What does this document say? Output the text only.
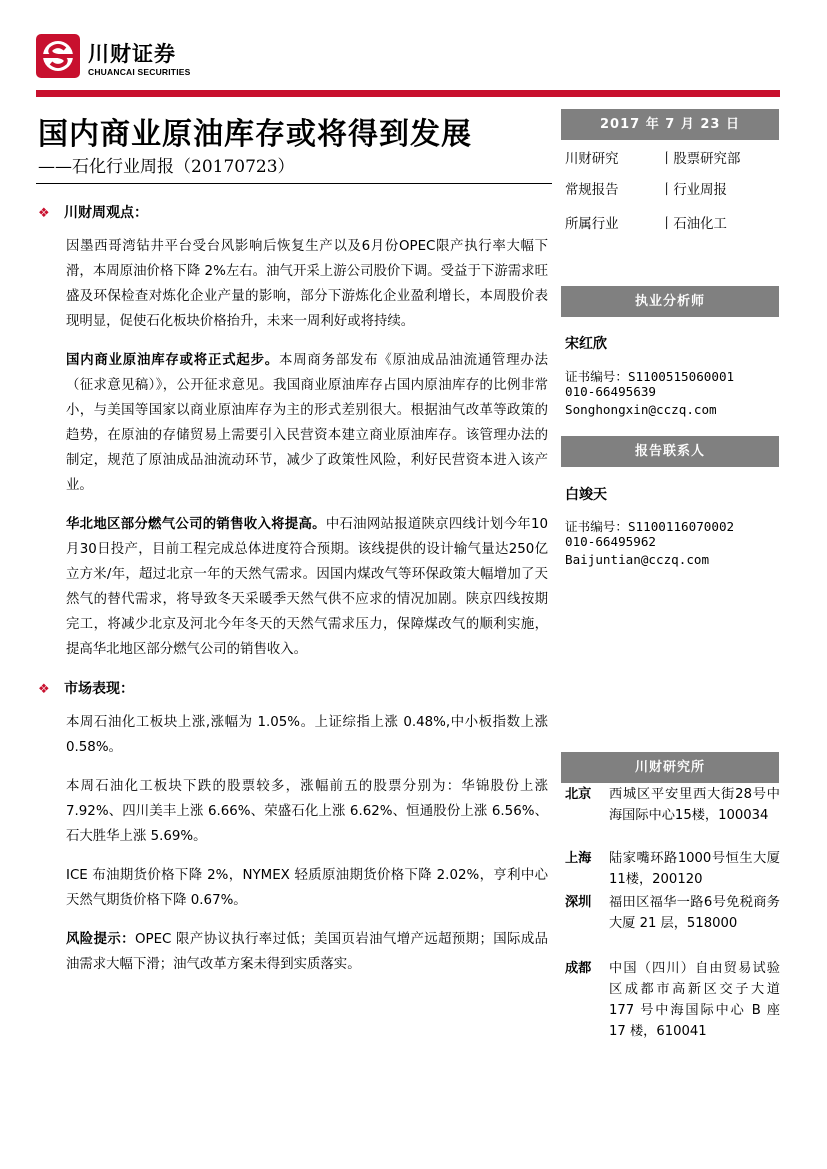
川财证券
CHUANCAI SECURITIES
国内商业原油库存或将得到发展
——石化行业周报（20170723）
2017 年 7 月 23 日
川财研究	丨股票研究部
常规报告	丨行业周报
所属行业	丨石油化工
执业分析师
宋红欣
证书编号：S1100515060001
010-66495639
Songhongxin@cczq.com
报告联系人
白竣天
证书编号：S1100116070002
010-66495962
Baijuntian@cczq.com
川财研究所
北京	西城区平安里西大街28号中海国际中心15楼，100034
上海	陆家嘴环路1000号恒生大厦11楼，200120
深圳	福田区福华一路6号免税商务大厦 21 层，518000
成都	中国（四川）自由贸易试验区成都市高新区交子大道 177 号中海国际中心 B 座 17 楼，610041
❖ 川财周观点：

因墨西哥湾钻井平台受台风影响后恢复生产以及6月份OPEC限产执行率大幅下滑，本周原油价格下降 2%左右。油气开采上游公司股价下调。受益于下游需求旺盛及环保检查对炼化企业产量的影响，部分下游炼化企业盈利增长，本周股价表现明显，促使石化板块价格抬升，未来一周利好或将持续。

国内商业原油库存或将正式起步。本周商务部发布《原油成品油流通管理办法（征求意见稿）》，公开征求意见。我国商业原油库存占国内原油库存的比例非常小，与美国等国家以商业原油库存为主的形式差别很大。根据油气改革等政策的趋势，在原油的存储贸易上需要引入民营资本建立商业原油库存。该管理办法的制定，规范了原油成品油流动环节，减少了政策性风险，利好民营资本进入该产业。

华北地区部分燃气公司的销售收入将提高。中石油网站报道陕京四线计划今年10月30日投产，目前工程完成总体进度符合预期。该线提供的设计输气量达250亿立方米/年，超过北京一年的天然气需求。因国内煤改气等环保政策大幅增加了天然气的替代需求，将导致冬天采暖季天然气供不应求的情况加剧。陕京四线按期完工，将减少北京及河北今年冬天的天然气需求压力，保障煤改气的顺利实施，提高华北地区部分燃气公司的销售收入。

❖ 市场表现：

本周石油化工板块上涨,涨幅为 1.05%。上证综指上涨 0.48%,中小板指数上涨 0.58%。

本周石油化工板块下跌的股票较多，涨幅前五的股票分别为：华锦股份上涨 7.92%、四川美丰上涨 6.66%、荣盛石化上涨 6.62%、恒通股份上涨 6.56%、石大胜华上涨 5.69%。

ICE 布油期货价格下降 2%，NYMEX 轻质原油期货价格下降 2.02%，亨利中心天然气期货价格下降 0.67%。

风险提示：OPEC 限产协议执行率过低；美国页岩油气增产远超预期；国际成品油需求大幅下滑；油气改革方案未得到实质落实。
